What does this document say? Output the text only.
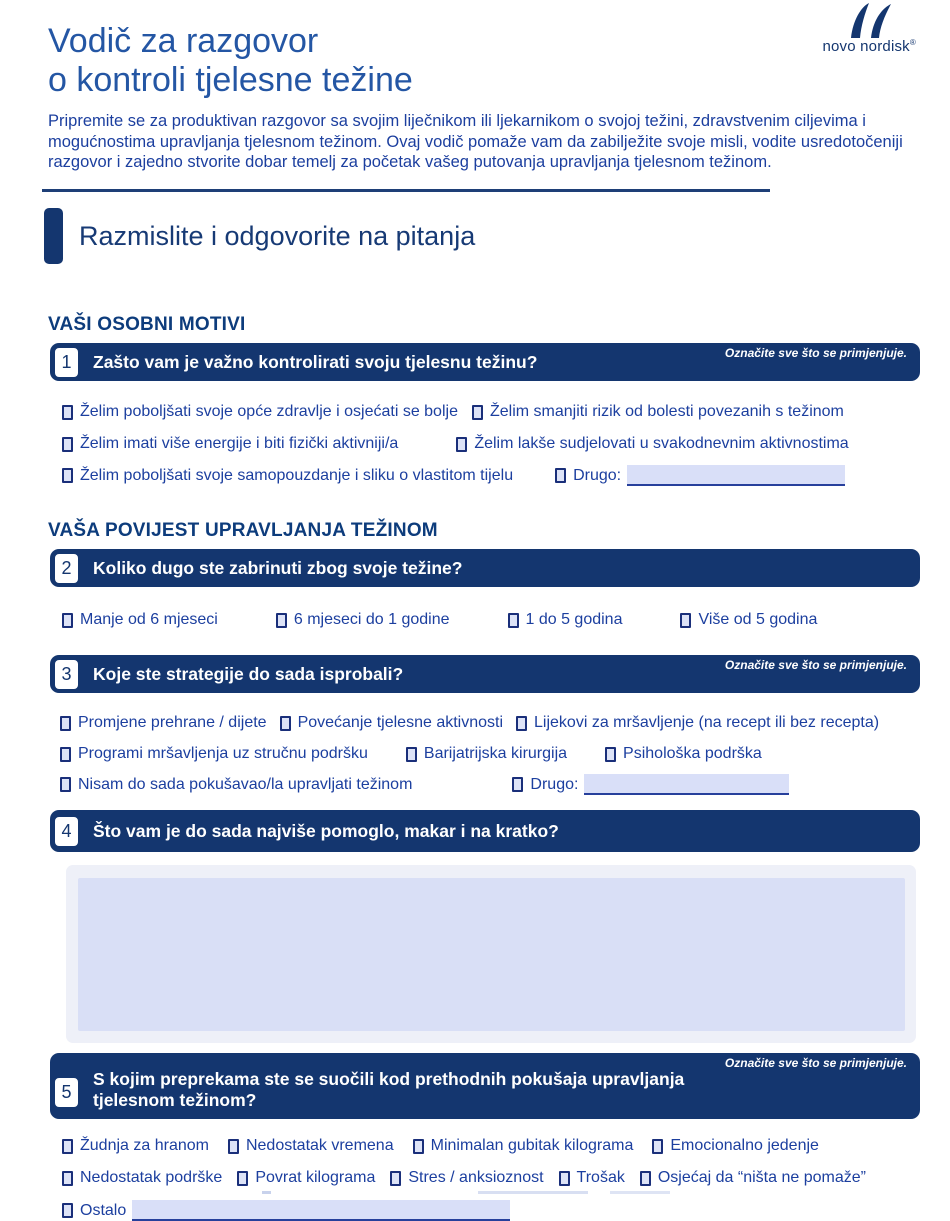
novo nordisk®
Vodič za razgovor
o kontroli tjelesne težine

Pripremite se za produktivan razgovor sa svojim liječnikom ili ljekarnikom o svojoj težini, zdravstvenim ciljevima i mogućnostima upravljanja tjelesnom težinom. Ovaj vodič pomaže vam da zabilježite svoje misli, vodite usredotočeniji razgovor i zajedno stvorite dobar temelj za početak vašeg putovanja upravljanja tjelesnom težinom.

Razmislite i odgovorite na pitanja
VAŠI OSOBNI MOTIVI
1	Zašto vam je važno kontrolirati svoju tjelesnu težinu?	Označite sve što se primjenjuje.
Želim poboljšati svoje opće zdravlje i osjećati se bolje Želim smanjiti rizik od bolesti povezanih s težinom
Želim imati više energije i biti fizički aktivniji/a	Želim lakše sudjelovati u svakodnevnim aktivnostima
Želim poboljšati svoje samopouzdanje i sliku o vlastitom tijelu	Drugo:
VAŠA POVIJEST UPRAVLJANJA TEŽINOM
2	Koliko dugo ste zabrinuti zbog svoje težine?
Manje od 6 mjeseci	6 mjeseci do 1 godine	1 do 5 godina	Više od 5 godina
3	Koje ste strategije do sada isprobali?	Označite sve što se primjenjuje.
Promjene prehrane / dijete Povećanje tjelesne aktivnosti Lijekovi za mršavljenje (na recept ili bez recepta)
Programi mršavljenja uz stručnu podršku	Barijatrijska kirurgija	Psihološka podrška
Nisam do sada pokušavao/la upravljati težinom	Drugo:
4	Što vam je do sada najviše pomoglo, makar i na kratko?
5
S kojim preprekama ste se suočili kod prethodnih pokušaja upravljanja tjelesnom težinom?
Označite sve što se primjenjuje.
Žudnja za hranom Nedostatak vremena Minimalan gubitak kilograma Emocionalno jedenje
Nedostatak podrške Povrat kilograma Stres / anksioznost Trošak Osjećaj da “ništa ne pomaže”
Ostalo
